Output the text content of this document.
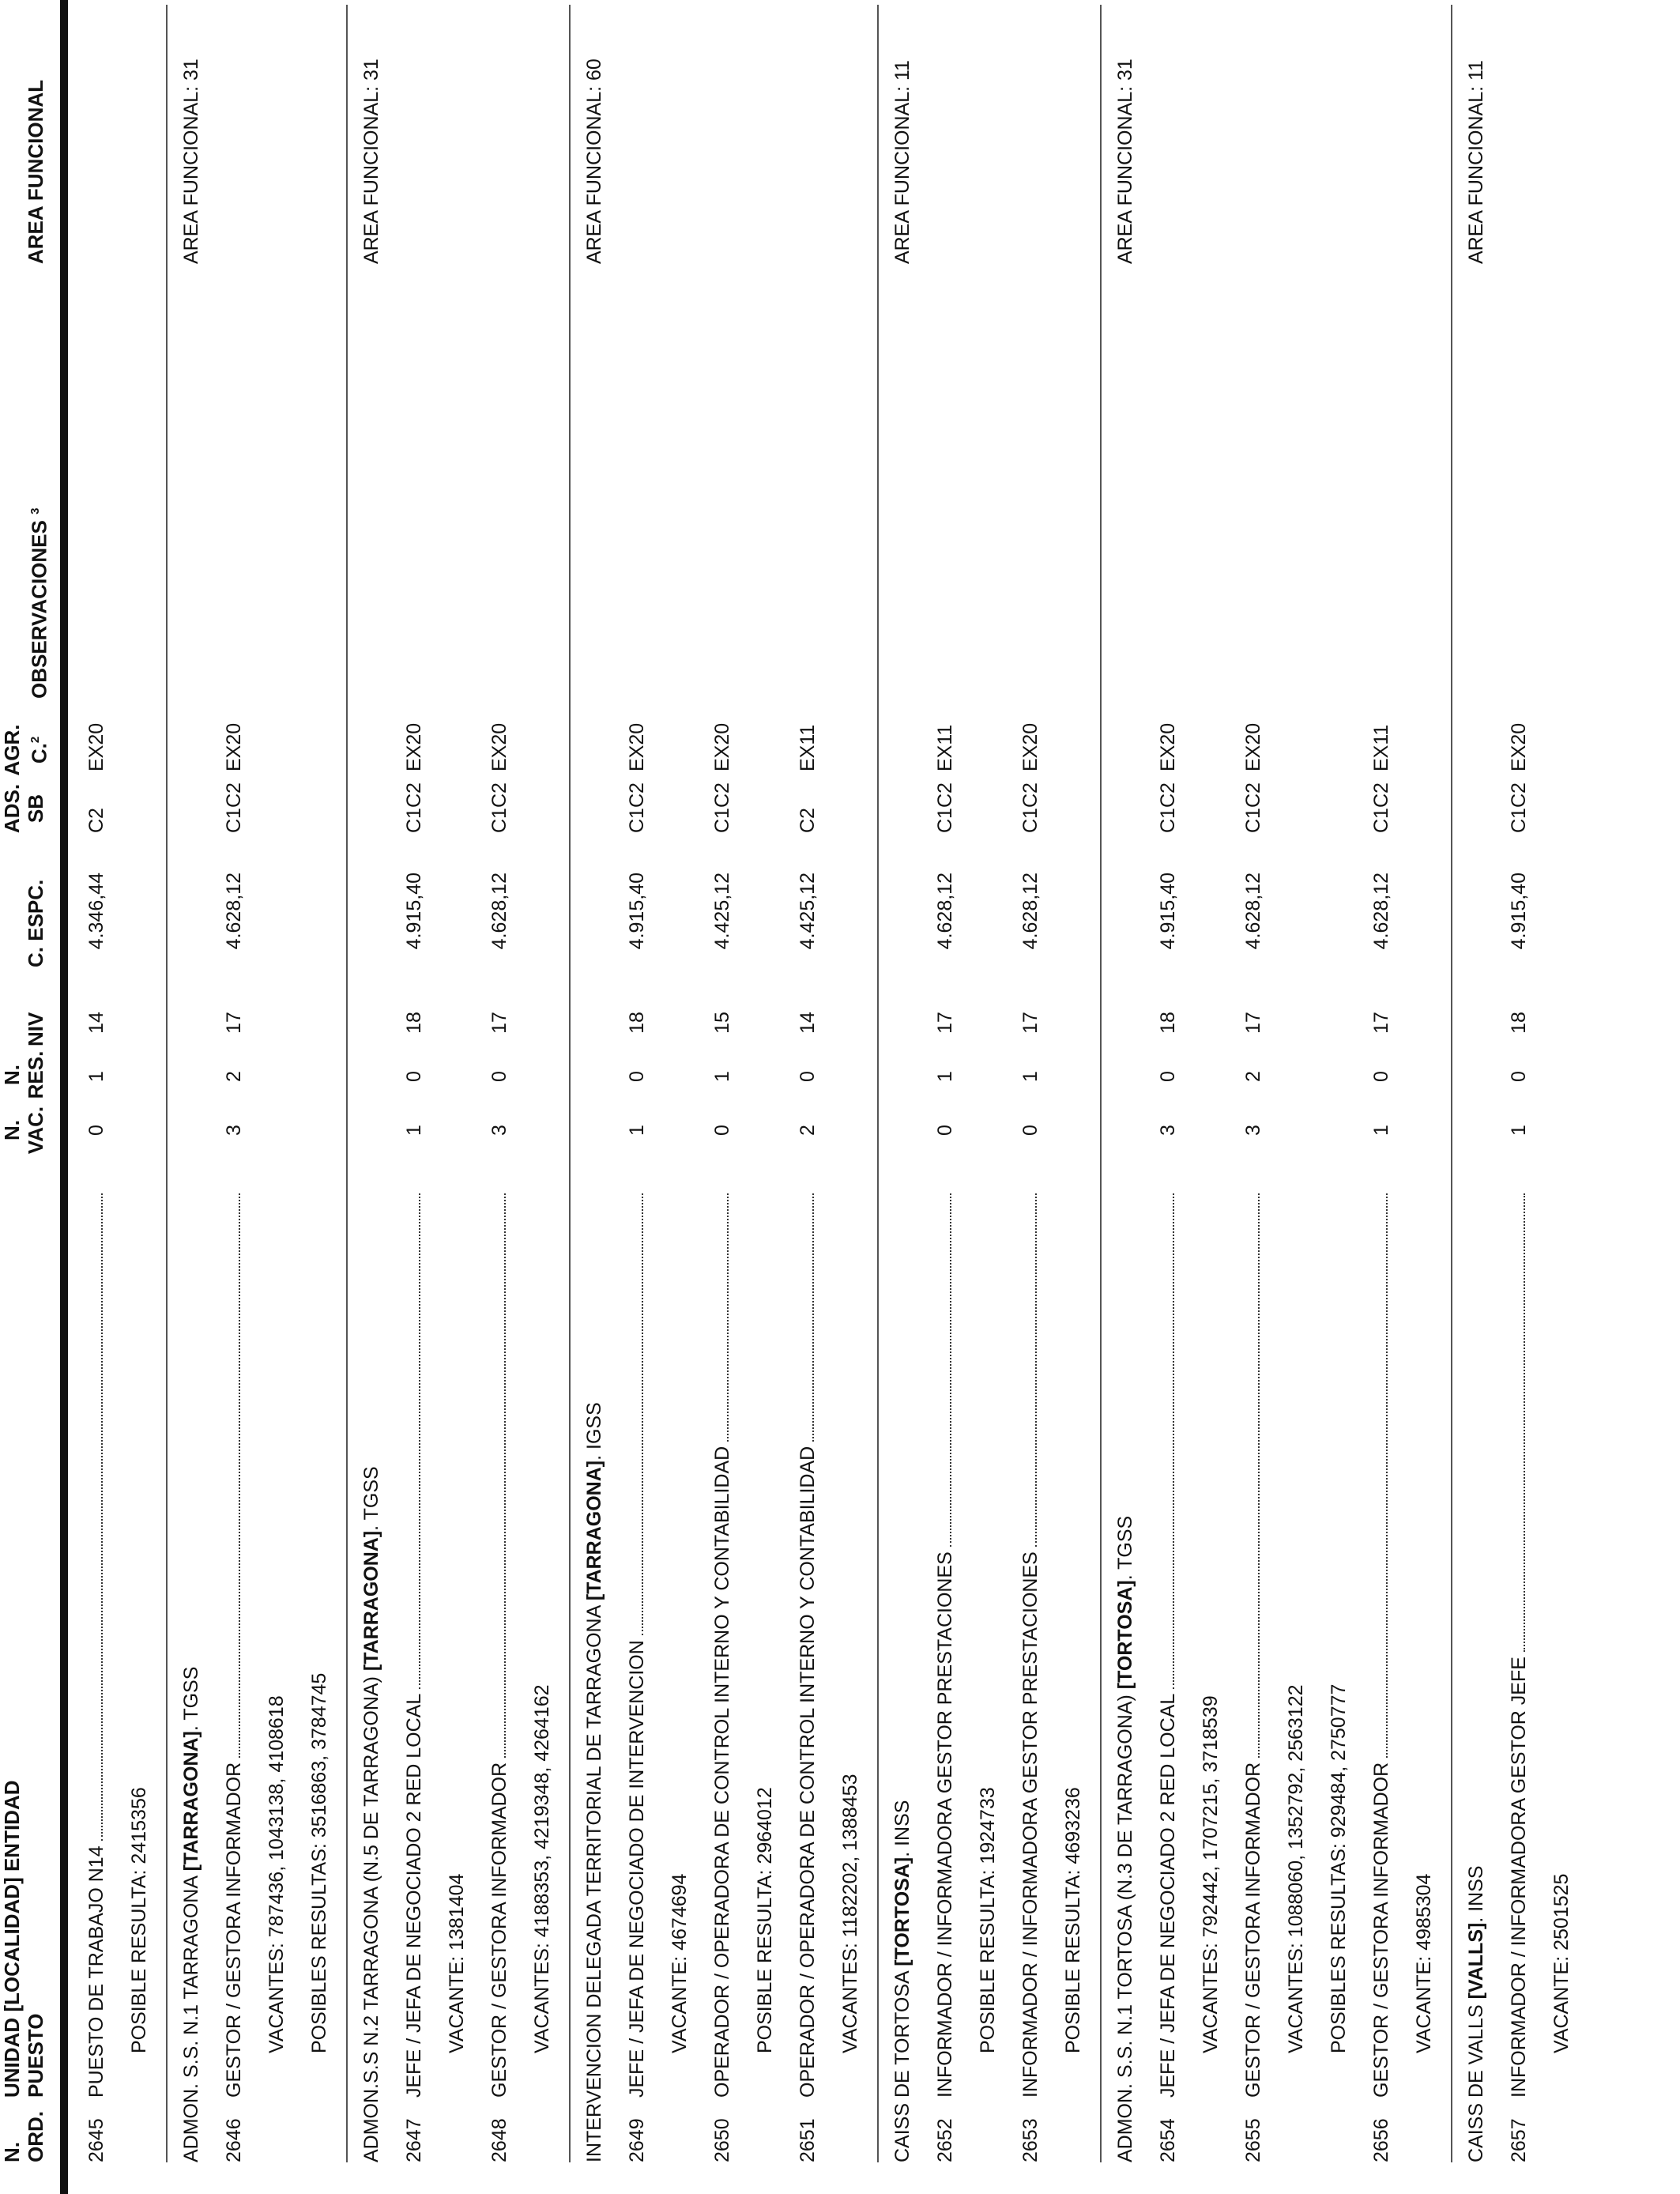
N. ORD.
UNIDAD [LOCALIDAD] ENTIDAD PUESTO
N. VAC.
N. RES.
NIV
C. ESPC.
ADS. SB
AGR. C.$^2$
OBSERVACIONES $^3$
AREA FUNCIONAL
2645
PUESTO DE TRABAJO N14
0
1
14
4.346,44
C2
EX20
POSIBLE RESULTA: 2415356 ADMON. S.S. N.1 TARRAGONA [TARRAGONA]. TGSS
AREA FUNCIONAL: 31
2646
GESTOR / GESTORA INFORMADOR
3
2
17
4.628,12
C1C2
EX20
VACANTES: 787436, 1043138, 4108618 POSIBLES RESULTAS: 3516863, 3784745 ADMON.S.S N.2 TARRAGONA (N.5 DE TARRAGONA) [TARRAGONA]. TGSS
AREA FUNCIONAL: 31
2647
JEFE / JEFA DE NEGOCIADO 2 RED LOCAL
1
0
18
4.915,40
C1C2
EX20
VACANTE: 1381404
2648
GESTOR / GESTORA INFORMADOR
3
0
17
4.628,12
C1C2
EX20
VACANTES: 4188353, 4219348, 4264162 INTERVENCION DELEGADA TERRITORIAL DE TARRAGONA [TARRAGONA]. IGSS
AREA FUNCIONAL: 60
2649
JEFE / JEFA DE NEGOCIADO DE INTERVENCION
1
0
18
4.915,40
C1C2
EX20
VACANTE: 4674694
2650
OPERADOR / OPERADORA DE CONTROL INTERNO Y CONTABILIDAD
0
1
15
4.425,12
C1C2
EX20
POSIBLE RESULTA: 2964012
2651
OPERADOR / OPERADORA DE CONTROL INTERNO Y CONTABILIDAD
2
0
14
4.425,12
C2
EX11
VACANTES: 1182202, 1388453
CAISS DE TORTOSA [TORTOSA]. INSS
AREA FUNCIONAL: 11
2652
INFORMADOR / INFORMADORA GESTOR PRESTACIONES
0
1
17
4.628,12
C1C2
EX11
POSIBLE RESULTA: 1924733
2653
INFORMADOR / INFORMADORA GESTOR PRESTACIONES
0
1
17
4.628,12
C1C2
EX20
POSIBLE RESULTA: 4693236 ADMON. S.S. N.1 TORTOSA (N.3 DE TARRAGONA) [TORTOSA]. TGSS
AREA FUNCIONAL: 31
2654
JEFE / JEFA DE NEGOCIADO 2 RED LOCAL
3
0
18
4.915,40
C1C2
EX20
VACANTES: 792442, 1707215, 3718539
2655
GESTOR / GESTORA INFORMADOR
3
2
17
4.628,12
C1C2
EX20
VACANTES: 1088060, 1352792, 2563122 POSIBLES RESULTAS: 929484, 2750777
2656
GESTOR / GESTORA INFORMADOR
1
0
17
4.628,12
C1C2
EX11
VACANTE: 4985304
CAISS DE VALLS [VALLS]. INSS
AREA FUNCIONAL: 11
2657
INFORMADOR / INFORMADORA GESTOR JEFE
1
0
18
4.915,40
C1C2
EX20
VACANTE: 2501525
